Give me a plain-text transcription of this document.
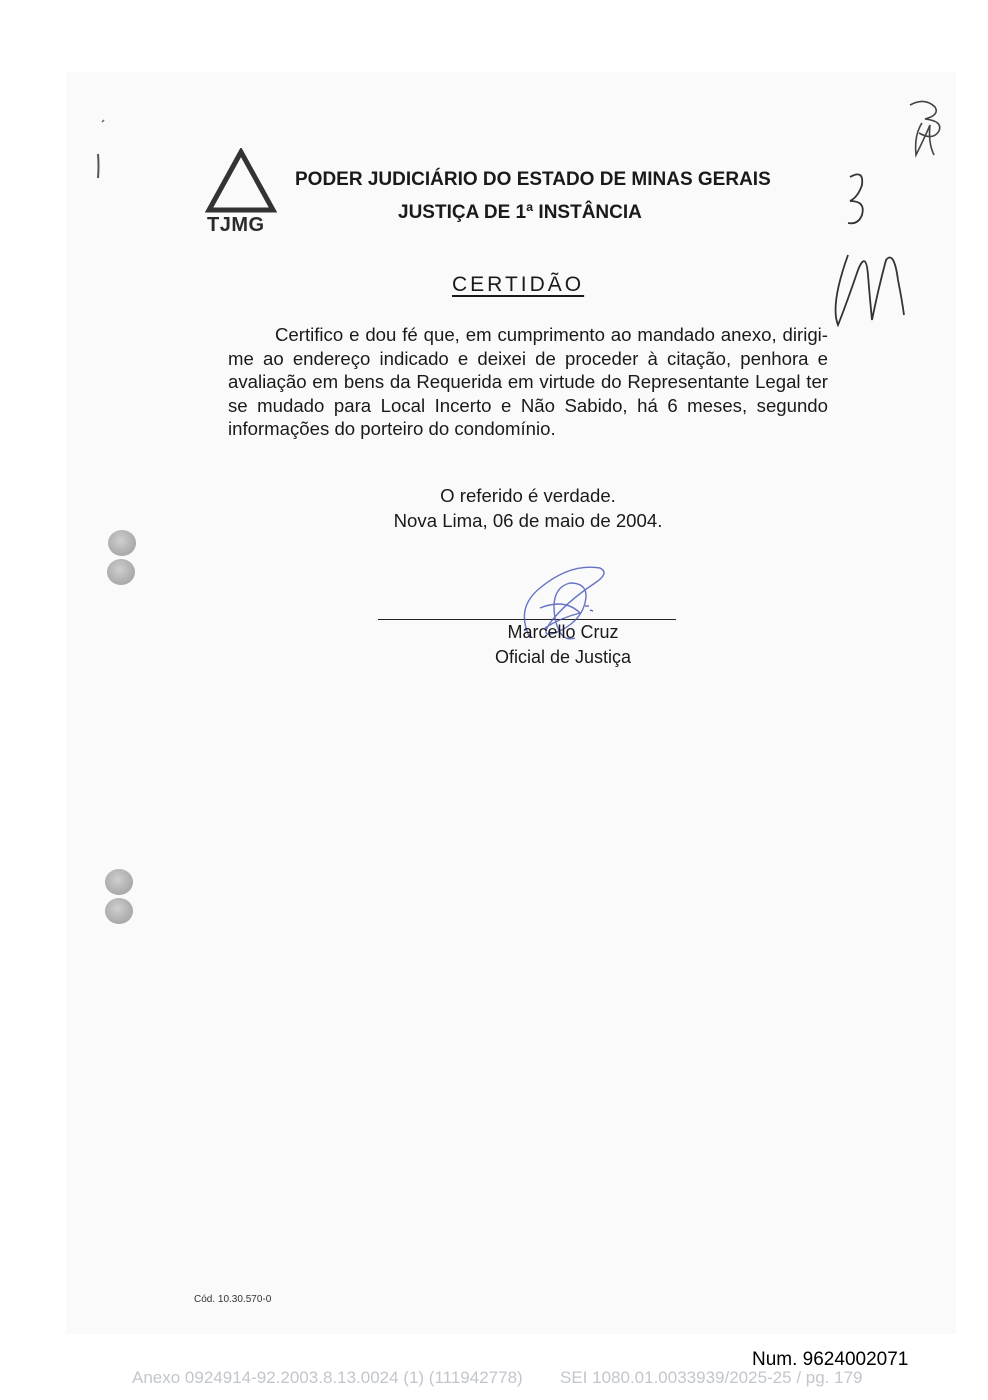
TJMG
PODER JUDICIÁRIO DO ESTADO DE MINAS GERAIS
JUSTIÇA DE 1ª INSTÂNCIA
CERTIDÃO
Certifico e dou fé que, em cumprimento ao mandado anexo, dirigi-me ao endereço indicado e deixei de proceder à citação, penhora e avaliação em bens da Requerida em virtude do Representante Legal ter se mudado para Local Incerto e Não Sabido, há 6 meses, segundo informações do porteiro do condomínio.
O referido é verdade.
Nova Lima, 06 de maio de 2004.
Marcello Cruz
Oficial de Justiça
Cód. 10.30.570-0
Num. 9624002071
Anexo 0924914-92.2003.8.13.0024 (1) (111942778) SEI 1080.01.0033939/2025-25 / pg. 179
